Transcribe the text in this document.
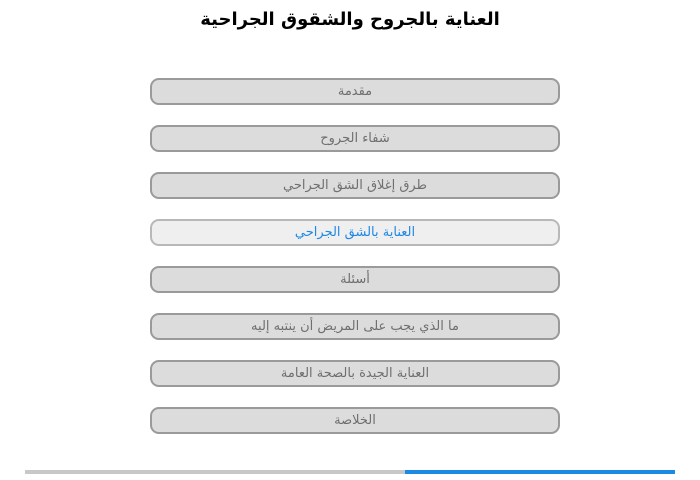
العناية بالجروح والشقوق الجراحية
مقدمة
شفاء الجروح
طرق إغلاق الشق الجراحي
العناية بالشق الجراحي
أسئلة
ما الذي يجب على المريض أن ينتبه إليه
العناية الجيدة بالصحة العامة
الخلاصة
